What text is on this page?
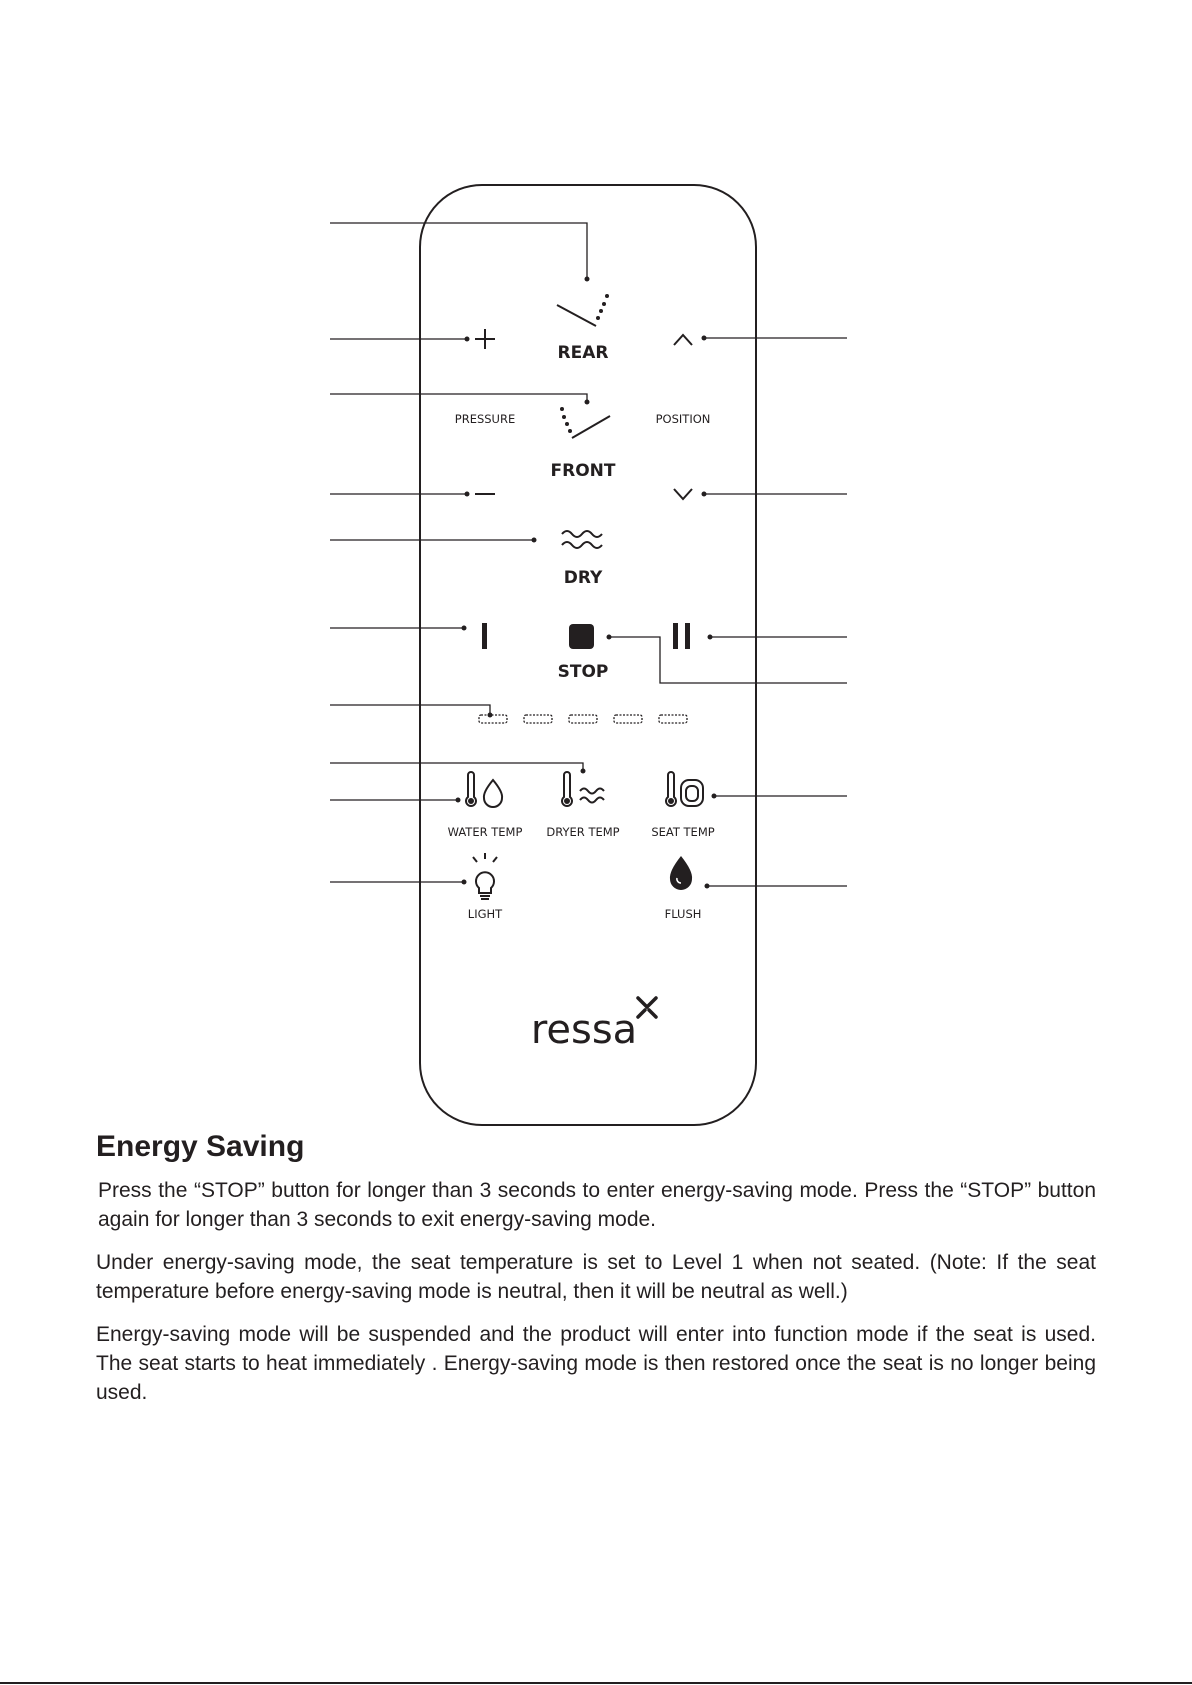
REAR
PRESSURE	POSITION
FRONT
DRY
STOP
WATER TEMP DRYER TEMP	SEAT TEMP
LIGHT	FLUSH
ressa
Energy Saving

Press the “STOP” button for longer than 3 seconds to enter energy-saving mode. Press the “STOP” button again for longer than 3 seconds to exit energy-saving mode.

Under energy-saving mode, the seat temperature is set to Level 1 when not seated. (Note: If the seat temperature before energy-saving mode is neutral, then it will be neutral as well.)

Energy-saving mode will be suspended and the product will enter into function mode if the seat is used. The seat starts to heat immediately . Energy-saving mode is then restored once the seat is no longer being used.
